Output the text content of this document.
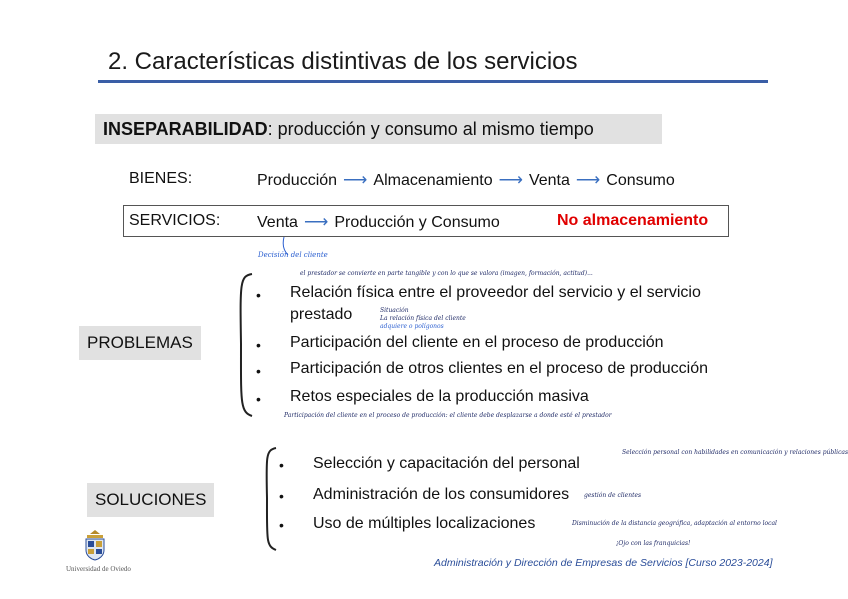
2. Características distintivas de los servicios
INSEPARABILIDAD: producción y consumo al mismo tiempo
BIENES:	Producción ⟶ Almacenamiento ⟶ Venta ⟶ Consumo
SERVICIOS: Venta ⟶ Producción y Consumo	No almacenamiento
Decisión del cliente
PROBLEMAS
• Relación física entre el proveedor del servicio y el servicio
prestado
• Participación del cliente en el proceso de producción
• Participación de otros clientes en el proceso de producción
• Retos especiales de la producción masiva
el prestador se convierte en parte tangible y con lo que se valora (imagen, formación, actitud)...
Situación
La relación física del cliente
adquiere o polígonos
Participación del cliente en el proceso de producción: el cliente debe desplazarse a donde esté el prestador
SOLUCIONES
• Selección y capacitación del personal
• Administración de los consumidores
• Uso de múltiples localizaciones
Selección personal con habilidades en comunicación y relaciones públicas
gestión de clientes
Disminución de la distancia geográfica, adaptación al entorno local
¡Ojo con las franquicias!
Universidad de Oviedo	Administración y Dirección de Empresas de Servicios [Curso 2023-2024]
